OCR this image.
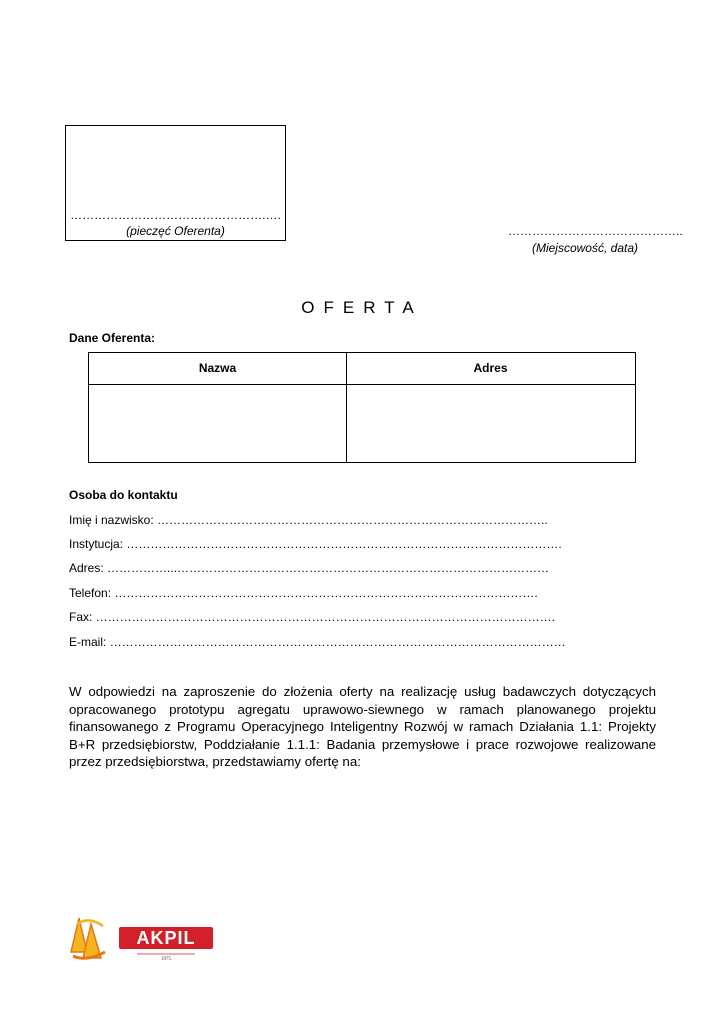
………………………………………….….
(pieczęć Oferenta)	……………………………………..
(Miejscowość, data)
OFERTA
Dane Oferenta:
Nazwa	Adres
Osoba do kontaktu
Imię i nazwisko: ……………………………………………………………………………………..
Instytucja: ……………………………………………………………………………………………….
Adres: ……………...…………………………………………………………………………………
Telefon: …………………………………………………………………………………………….
Fax: …………………………………………………………………………………………………….
E-mail: ……………………………………………………………………………………………………
W odpowiedzi na zaproszenie do złożenia oferty na realizację usług badawczych dotyczących opracowanego prototypu agregatu uprawowo-siewnego w ramach planowanego projektu finansowanego z Programu Operacyjnego Inteligentny Rozwój w ramach Działania 1.1: Projekty B+R przedsiębiorstw, Poddziałanie 1.1.1: Badania przemysłowe i prace rozwojowe realizowane przez przedsiębiorstwa, przedstawiamy ofertę na:
AKPIL
1975
